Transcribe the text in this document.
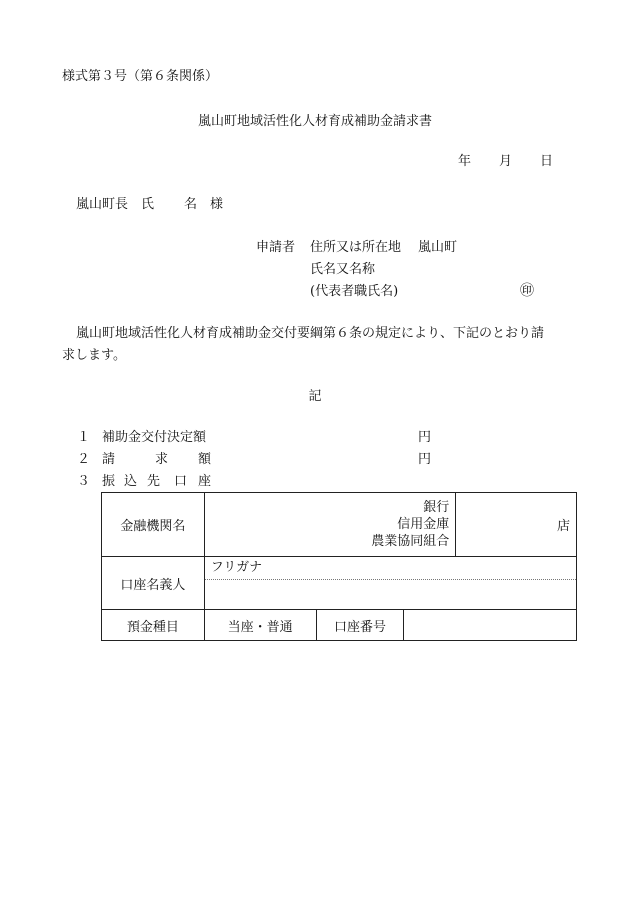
様式第３号（第６条関係）
嵐山町地域活性化人材育成補助金請求書
年 月 日
嵐山町長 氏 名 様
申請者 住所又は所在地 嵐山町
氏名又名称
(代表者職氏名)	㊞
嵐山町地域活性化人材育成補助金交付要綱第６条の規定により、下記のとおり請
求します。
記
１ 補助金交付決定額	円
２ 請	求 額	円
３ 振 込 先 口 座
金融機関名	銀行
信用金庫
農業協同組合			店
口座名義人	フリガナ			

預金種目	当座・普通	口座番号		
